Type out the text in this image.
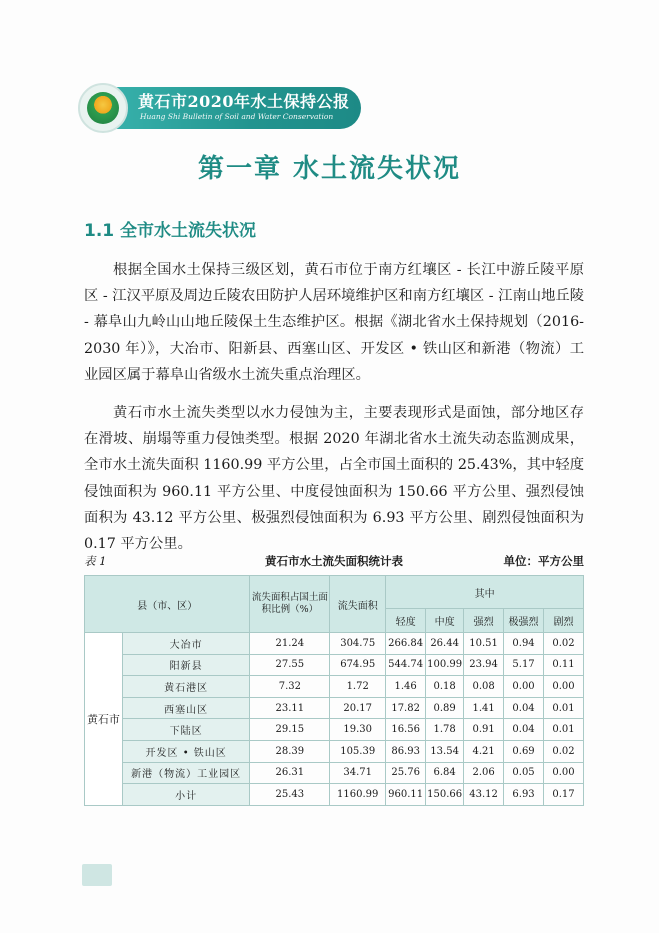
黄石市2020年水土保持公报
Huang Shi Bulletin of Soil and Water Conservation
第一章 水土流失状况
1.1 全市水土流失状况

根据全国水土保持三级区划，黄石市位于南方红壤区 - 长江中游丘陵平原区 - 江汉平原及周边丘陵农田防护人居环境维护区和南方红壤区 - 江南山地丘陵 - 幕阜山九岭山山地丘陵保土生态维护区。根据《湖北省水土保持规划（2016-2030 年）》，大冶市、阳新县、西塞山区、开发区 • 铁山区和新港（物流）工业园区属于幕阜山省级水土流失重点治理区。

黄石市水土流失类型以水力侵蚀为主，主要表现形式是面蚀，部分地区存在滑坡、崩塌等重力侵蚀类型。根据 2020 年湖北省水土流失动态监测成果，全市水土流失面积 1160.99 平方公里，占全市国土面积的 25.43%，其中轻度侵蚀面积为 960.11 平方公里、中度侵蚀面积为 150.66 平方公里、强烈侵蚀面积为 43.12 平方公里、极强烈侵蚀面积为 6.93 平方公里、剧烈侵蚀面积为 0.17 平方公里。

黄石市水土流失面积统计表
表 1	单位：平方公里
县（市、区）		流失面积占国土面积比例（%）	流失面积	其中				
				轻度	中度	强烈	极强烈	剧烈
黄石市	大冶市	21.24	304.75	266.84	26.44	10.51	0.94	0.02
	阳新县	27.55	674.95	544.74	100.99	23.94	5.17	0.11
	黄石港区	7.32	1.72	1.46	0.18	0.08	0.00	0.00
	西塞山区	23.11	20.17	17.82	0.89	1.41	0.04	0.01
	下陆区	29.15	19.30	16.56	1.78	0.91	0.04	0.01
	开发区 • 铁山区	28.39	105.39	86.93	13.54	4.21	0.69	0.02
	新港（物流）工业园区	26.31	34.71	25.76	6.84	2.06	0.05	0.00
	小计	25.43	1160.99	960.11	150.66	43.12	6.93	0.17
